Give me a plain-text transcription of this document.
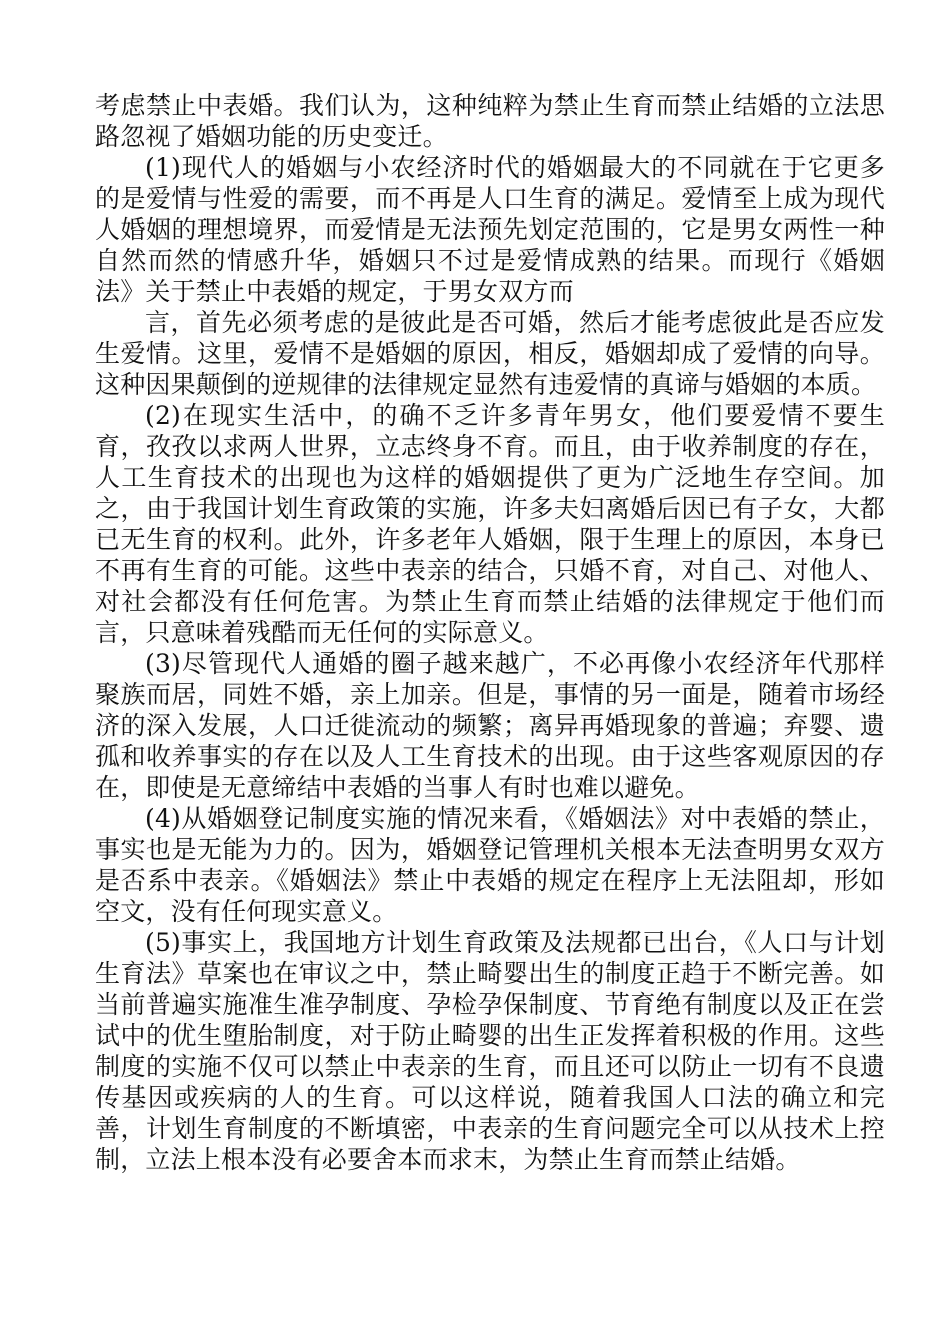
考虑禁止中表婚。我们认为，这种纯粹为禁止生育而禁止结婚的立法思路忽视了婚姻功能的历史变迁。

(1)现代人的婚姻与小农经济时代的婚姻最大的不同就在于它更多的是爱情与性爱的需要，而不再是人口生育的满足。爱情至上成为现代人婚姻的理想境界，而爱情是无法预先划定范围的，它是男女两性一种自然而然的情感升华，婚姻只不过是爱情成熟的结果。而现行《婚姻法》关于禁止中表婚的规定，于男女双方而

言，首先必须考虑的是彼此是否可婚，然后才能考虑彼此是否应发生爱情。这里，爱情不是婚姻的原因，相反，婚姻却成了爱情的向导。这种因果颠倒的逆规律的法律规定显然有违爱情的真谛与婚姻的本质。

(2)在现实生活中，的确不乏许多青年男女，他们要爱情不要生育，孜孜以求两人世界，立志终身不育。而且，由于收养制度的存在，人工生育技术的出现也为这样的婚姻提供了更为广泛地生存空间。加之，由于我国计划生育政策的实施，许多夫妇离婚后因已有子女，大都已无生育的权利。此外，许多老年人婚姻，限于生理上的原因，本身已不再有生育的可能。这些中表亲的结合，只婚不育，对自己、对他人、对社会都没有任何危害。为禁止生育而禁止结婚的法律规定于他们而言，只意味着残酷而无任何的实际意义。

(3)尽管现代人通婚的圈子越来越广，不必再像小农经济年代那样聚族而居，同姓不婚，亲上加亲。但是，事情的另一面是，随着市场经济的深入发展，人口迁徙流动的频繁；离异再婚现象的普遍；弃婴、遗孤和收养事实的存在以及人工生育技术的出现。由于这些客观原因的存在，即使是无意缔结中表婚的当事人有时也难以避免。

(4)从婚姻登记制度实施的情况来看，《婚姻法》对中表婚的禁止，事实也是无能为力的。因为，婚姻登记管理机关根本无法查明男女双方是否系中表亲。《婚姻法》禁止中表婚的规定在程序上无法阻却，形如空文，没有任何现实意义。

(5)事实上，我国地方计划生育政策及法规都已出台，《人口与计划生育法》草案也在审议之中，禁止畸婴出生的制度正趋于不断完善。如当前普遍实施准生准孕制度、孕检孕保制度、节育绝有制度以及正在尝试中的优生堕胎制度，对于防止畸婴的出生正发挥着积极的作用。这些制度的实施不仅可以禁止中表亲的生育，而且还可以防止一切有不良遗传基因或疾病的人的生育。可以这样说，随着我国人口法的确立和完善，计划生育制度的不断填密，中表亲的生育问题完全可以从技术上控制，立法上根本没有必要舍本而求末，为禁止生育而禁止结婚。
